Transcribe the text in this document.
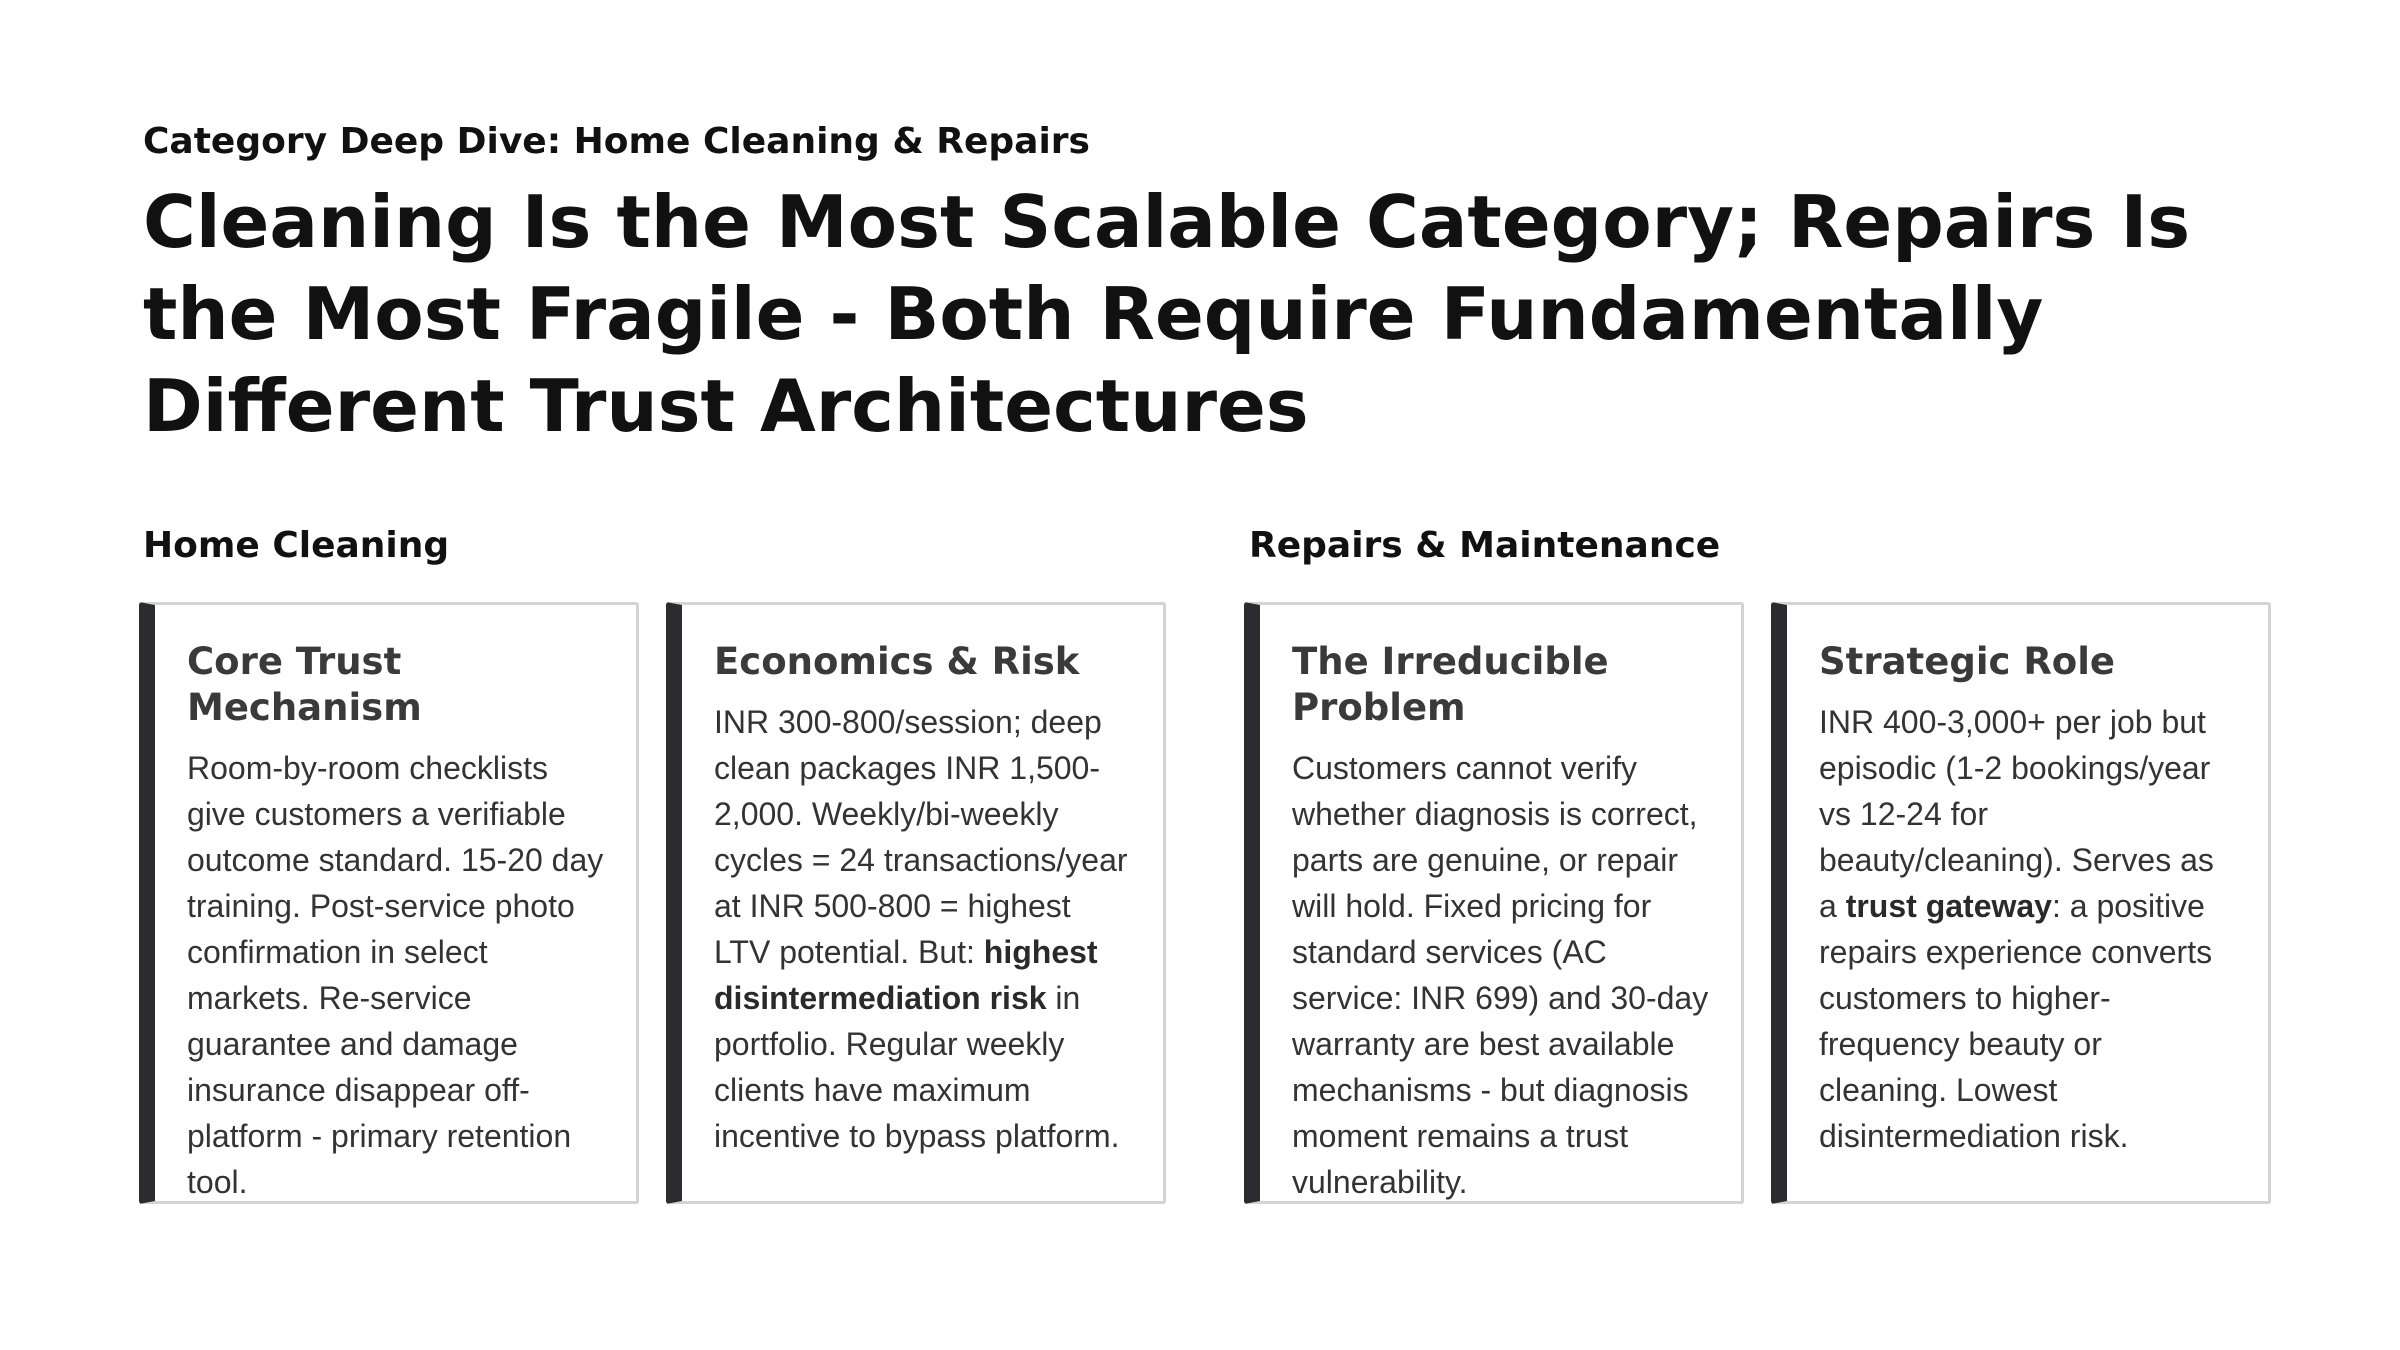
Category Deep Dive: Home Cleaning & Repairs
Cleaning Is the Most Scalable Category; Repairs Is the Most Fragile - Both Require Fundamentally Different Trust Architectures
Home Cleaning	Repairs & Maintenance
Core Trust Mechanism

Room-by-room checklists give customers a verifiable outcome standard. 15-20 day training. Post-service photo confirmation in select markets. Re-service guarantee and damage insurance disappear off-platform - primary retention tool.

Economics & Risk

INR 300-800/session; deep clean packages INR 1,500-2,000. Weekly/bi-weekly cycles = 24 transactions/year at INR 500-800 = highest LTV potential. But: highest disintermediation risk in portfolio. Regular weekly clients have maximum incentive to bypass platform.

The Irreducible Problem

Customers cannot verify whether diagnosis is correct, parts are genuine, or repair will hold. Fixed pricing for standard services (AC service: INR 699) and 30-day warranty are best available mechanisms - but diagnosis moment remains a trust vulnerability.

Strategic Role

INR 400-3,000+ per job but episodic (1-2 bookings/year vs 12-24 for beauty/cleaning). Serves as a trust gateway: a positive repairs experience converts customers to higher-frequency beauty or cleaning. Lowest disintermediation risk.
